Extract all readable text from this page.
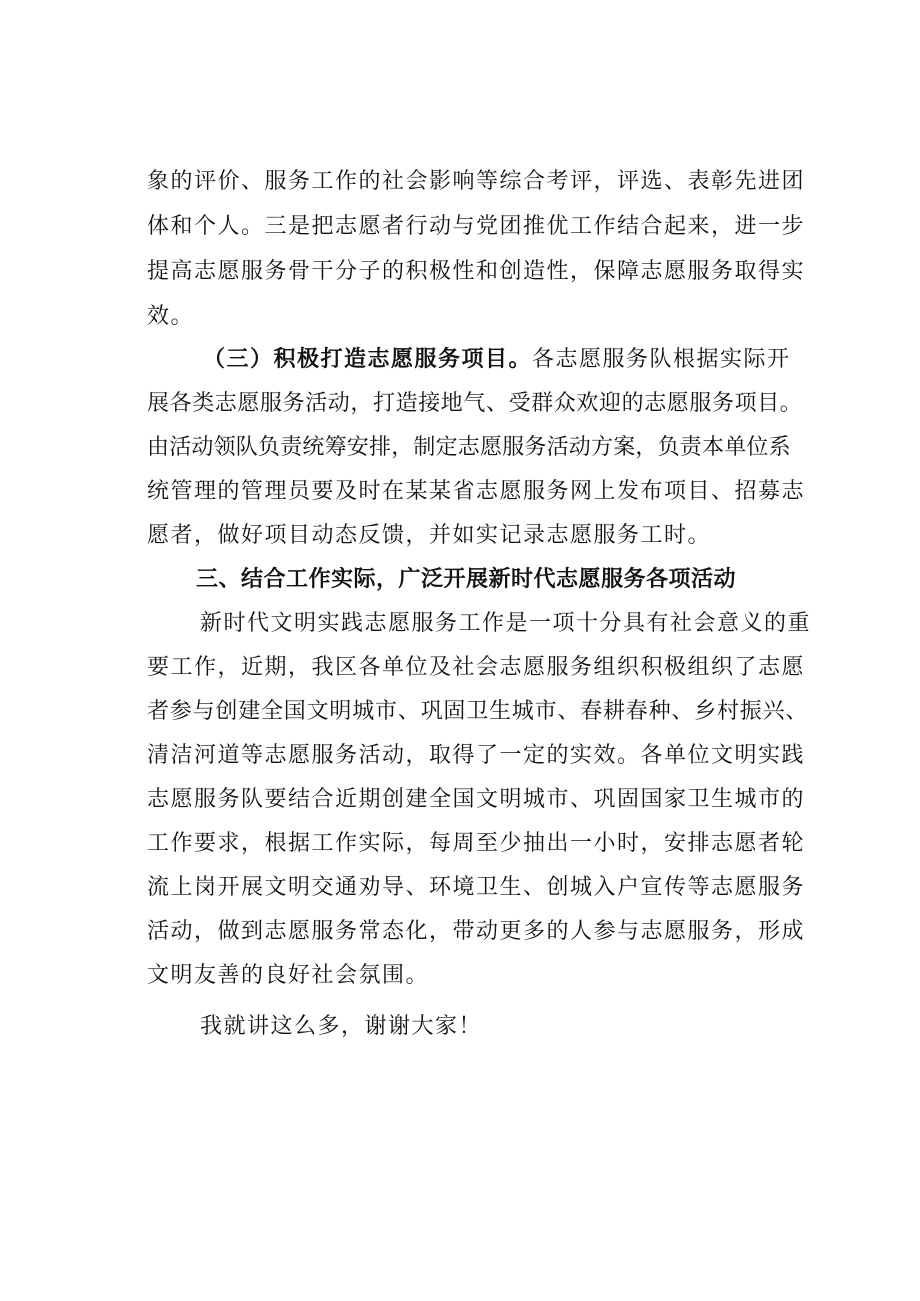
象的评价、服务工作的社会影响等综合考评，评选、表彰先进团
体和个人。三是把志愿者行动与党团推优工作结合起来，进一步
提高志愿服务骨干分子的积极性和创造性，保障志愿服务取得实
效。
（三）积极打造志愿服务项目。各志愿服务队根据实际开
展各类志愿服务活动，打造接地气、受群众欢迎的志愿服务项目。
由活动领队负责统筹安排，制定志愿服务活动方案，负责本单位系
统管理的管理员要及时在某某省志愿服务网上发布项目、招募志
愿者，做好项目动态反馈，并如实记录志愿服务工时。
三、结合工作实际，广泛开展新时代志愿服务各项活动
新时代文明实践志愿服务工作是一项十分具有社会意义的重
要工作，近期，我区各单位及社会志愿服务组织积极组织了志愿
者参与创建全国文明城市、巩固卫生城市、春耕春种、乡村振兴、
清洁河道等志愿服务活动，取得了一定的实效。各单位文明实践
志愿服务队要结合近期创建全国文明城市、巩固国家卫生城市的
工作要求，根据工作实际，每周至少抽出一小时，安排志愿者轮
流上岗开展文明交通劝导、环境卫生、创城入户宣传等志愿服务
活动，做到志愿服务常态化，带动更多的人参与志愿服务，形成
文明友善的良好社会氛围。
我就讲这么多，谢谢大家！
